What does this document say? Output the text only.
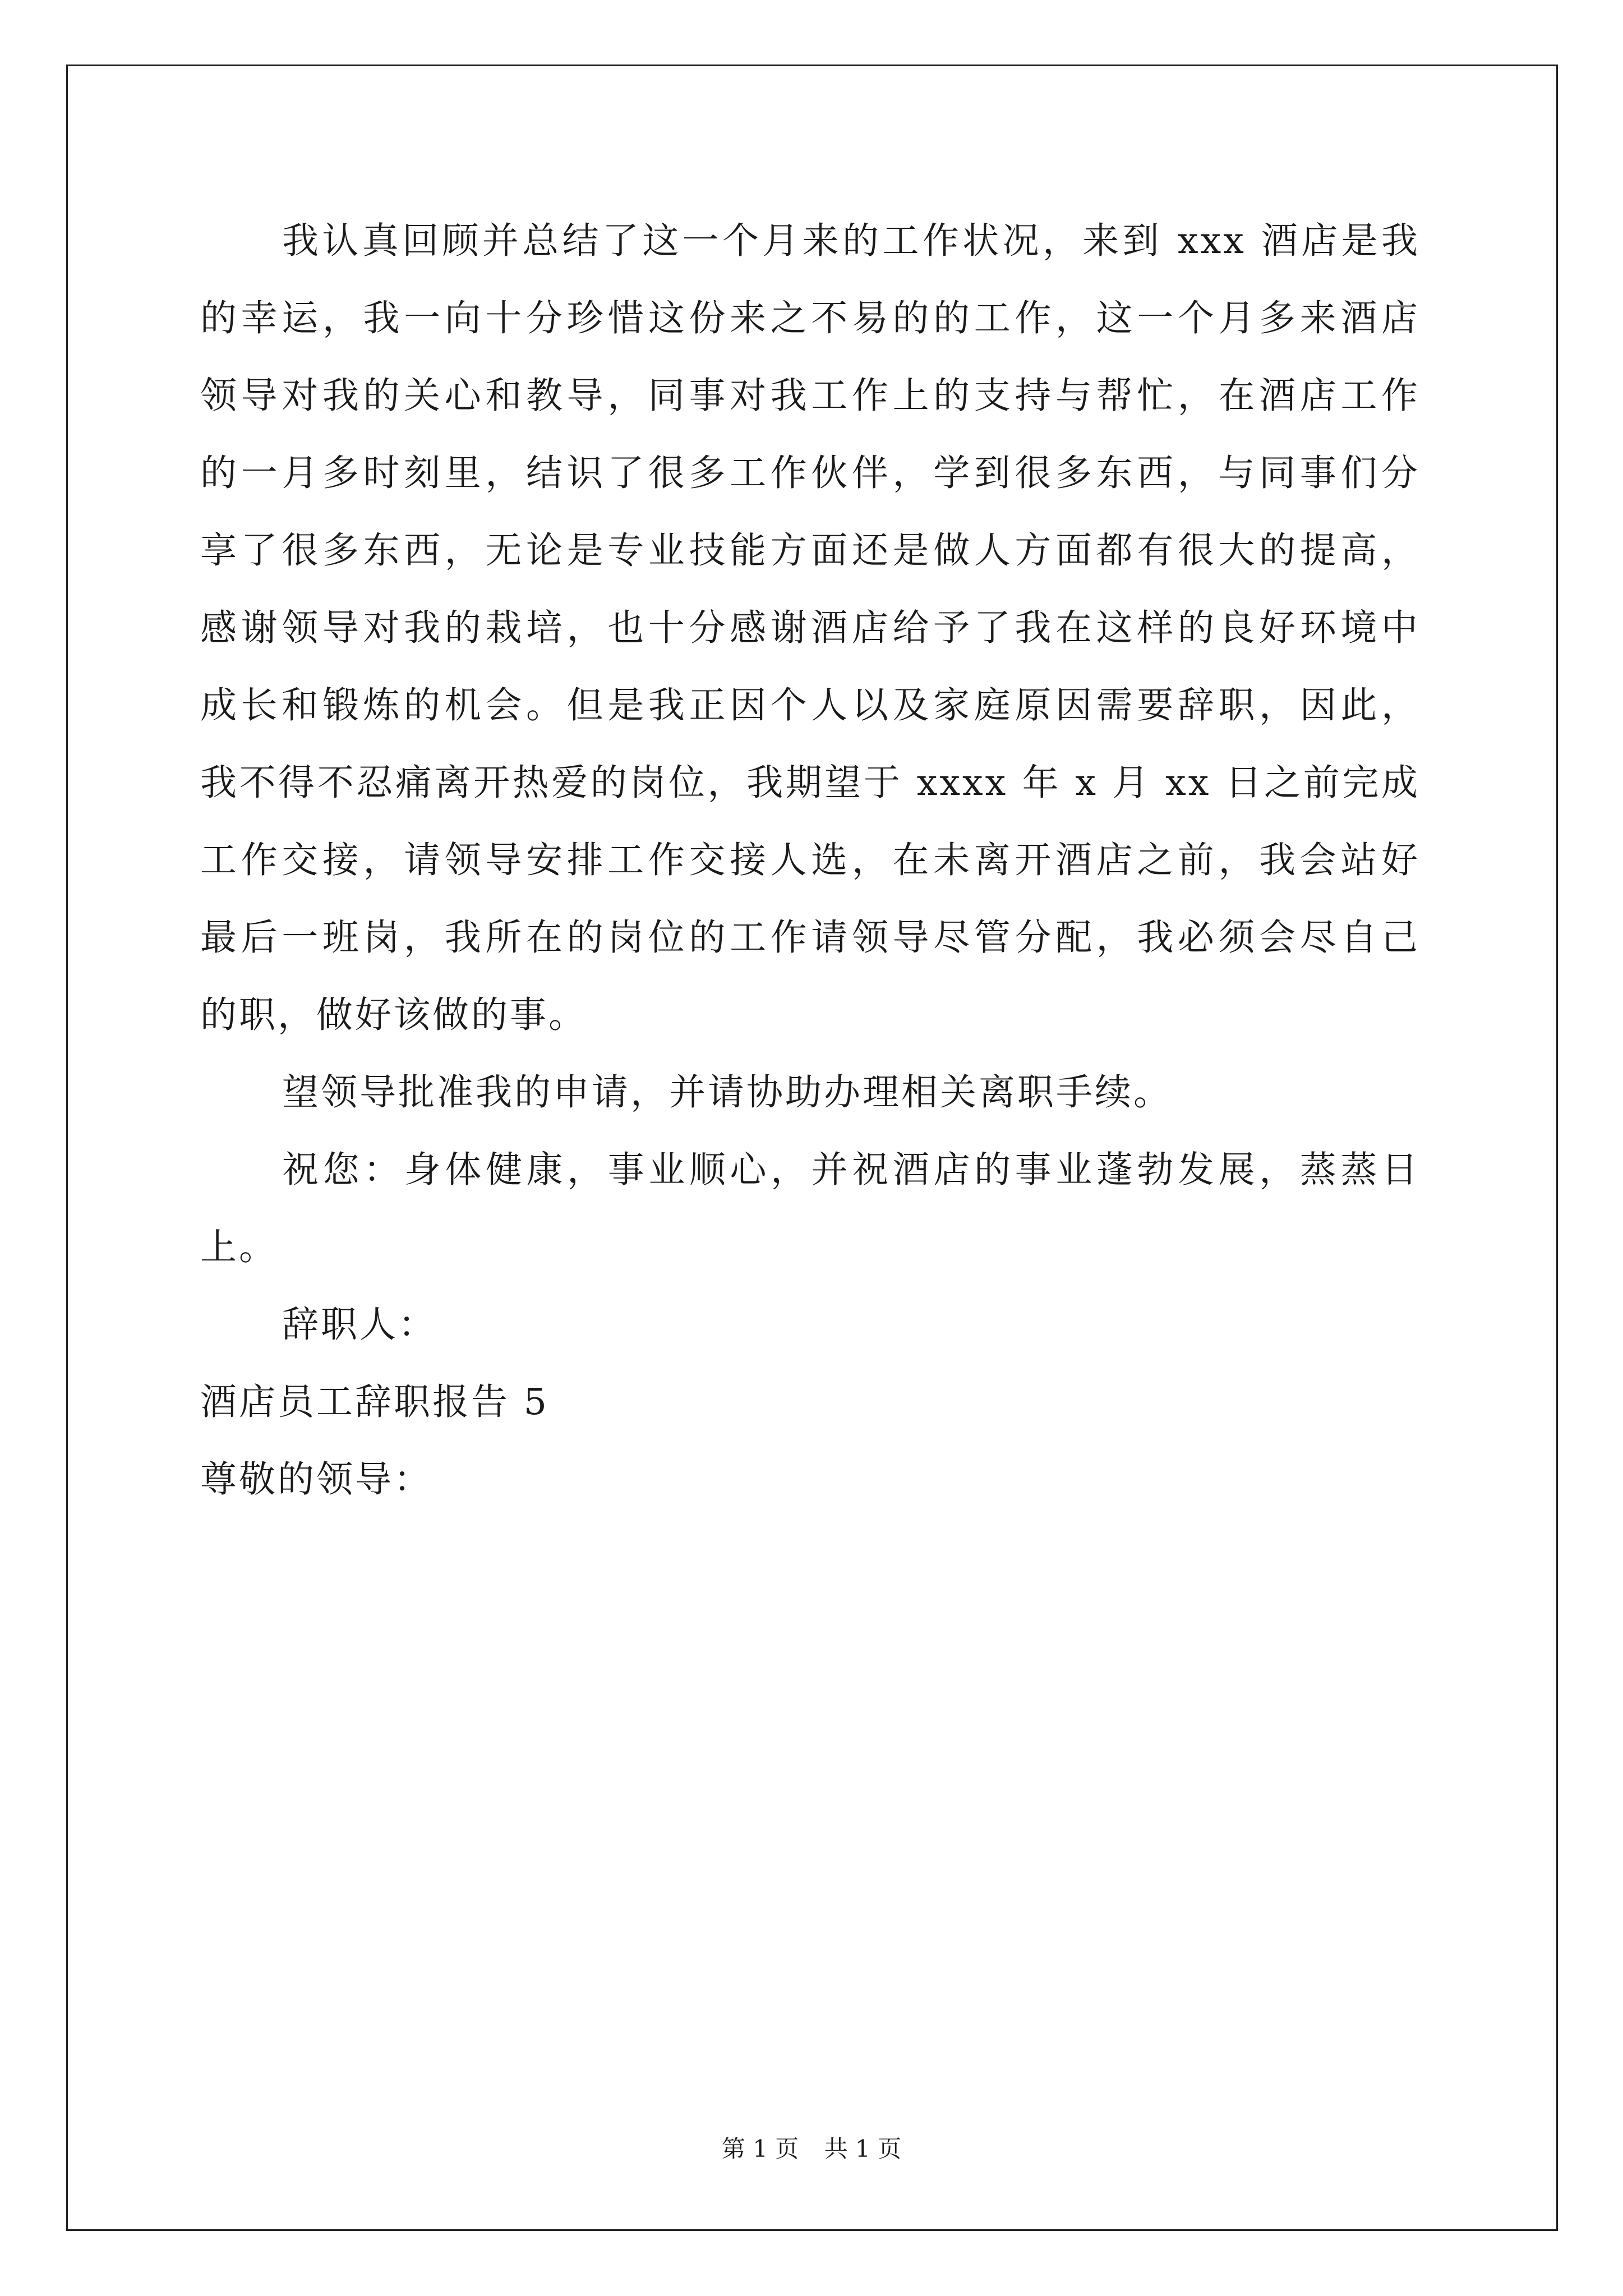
我认真回顾并总结了这一个月来的工作状况，来到 xxx 酒店是我
的幸运，我一向十分珍惜这份来之不易的的工作，这一个月多来酒店
领导对我的关心和教导，同事对我工作上的支持与帮忙，在酒店工作
的一月多时刻里，结识了很多工作伙伴，学到很多东西，与同事们分
享了很多东西，无论是专业技能方面还是做人方面都有很大的提高，
感谢领导对我的栽培，也十分感谢酒店给予了我在这样的良好环境中
成长和锻炼的机会。但是我正因个人以及家庭原因需要辞职，因此，
我不得不忍痛离开热爱的岗位，我期望于 xxxx 年 x 月 xx 日之前完成
工作交接，请领导安排工作交接人选，在未离开酒店之前，我会站好
最后一班岗，我所在的岗位的工作请领导尽管分配，我必须会尽自己
的职，做好该做的事。
望领导批准我的申请，并请协助办理相关离职手续。
祝您：身体健康，事业顺心，并祝酒店的事业蓬勃发展，蒸蒸日
上。
辞职人：
酒店员工辞职报告 5
尊敬的领导：
第 1 页 共 1 页
